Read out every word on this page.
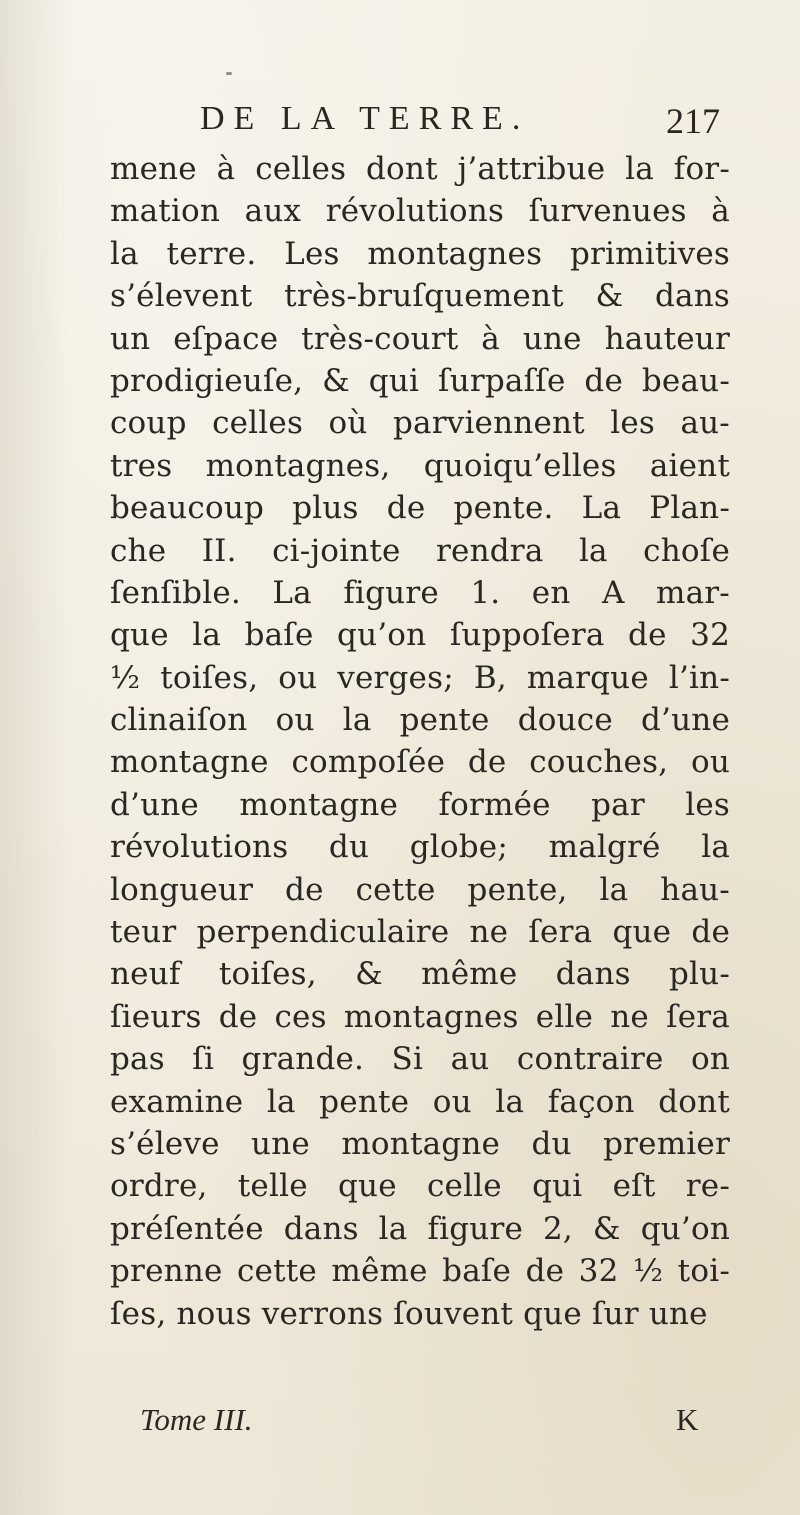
DE LA TERRE.	217
mene à celles dont j’attribue la for-
mation aux révolutions ſurvenues à
la terre. Les montagnes primitives
s’élevent très-bruſquement & dans
un eſpace très-court à une hauteur
prodigieuſe, & qui ſurpaſſe de beau-
coup celles où parviennent les au-
tres montagnes, quoiqu’elles aient
beaucoup plus de pente. La Plan-
che II. ci-jointe rendra la choſe
ſenſible. La figure 1. en A mar-
que la baſe qu’on ſuppoſera de 32
½ toiſes, ou verges; B, marque l’in-
clinaiſon ou la pente douce d’une
montagne compoſée de couches, ou
d’une montagne formée par les
révolutions du globe; malgré la
longueur de cette pente, la hau-
teur perpendiculaire ne ſera que de
neuf toiſes, & même dans plu-
ſieurs de ces montagnes elle ne ſera
pas ſi grande. Si au contraire on
examine la pente ou la façon dont
s’éleve une montagne du premier
ordre, telle que celle qui eſt re-
préſentée dans la figure 2, & qu’on
prenne cette même baſe de 32 ½ toi-
ſes, nous verrons ſouvent que ſur une
Tome III.	K
